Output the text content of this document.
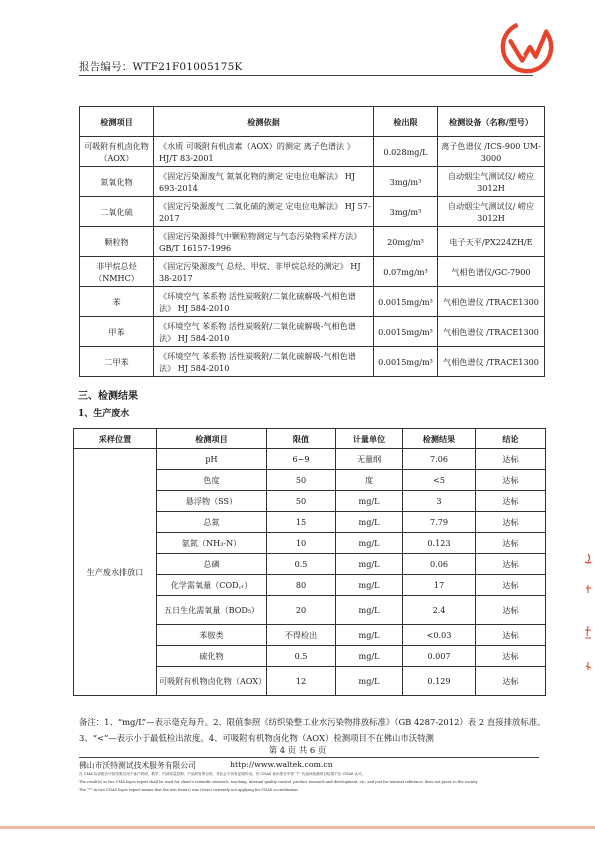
报告编号：WTF21F01005175K
检测项目	检测依据	检出限	检测设备（名称/型号）
可吸附有机卤化物（AOX）	《水质 可吸附有机卤素（AOX）的测定 离子色谱法 》 HJ/T 83-2001	0.028mg/L	离子色谱仪 /ICS-900 UM-3000
氮氧化物	《固定污染源废气 氮氧化物的测定 定电位电解法》 HJ 693-2014	3mg/m³	自动烟尘气测试仪/ 崂应 3012H
二氧化硫	《固定污染源废气 二氧化硫的测定 定电位电解法》 HJ 57-2017	3mg/m³	自动烟尘气测试仪/ 崂应 3012H
颗粒物	《固定污染源排气中颗粒物测定与气态污染物采样方法》 GB/T 16157-1996	20mg/m³	电子天平/PX224ZH/E
非甲烷总烃（NMHC）	《固定污染源废气 总烃、甲烷、非甲烷总烃的测定》 HJ 38-2017	0.07mg/m³	气相色谱仪/GC-7900
苯	《环境空气 苯系物 活性炭吸附/二氧化硫解吸-气相色谱法》 HJ 584-2010	0.0015mg/m³	气相色谱仪 /TRACE1300
甲苯	《环境空气 苯系物 活性炭吸附/二氧化硫解吸-气相色谱法》 HJ 584-2010	0.0015mg/m³	气相色谱仪 /TRACE1300
二甲苯	《环境空气 苯系物 活性炭吸附/二氧化硫解吸-气相色谱法》 HJ 584-2010	0.0015mg/m³	气相色谱仪 /TRACE1300
三、检测结果
1、生产废水
采样位置	检测项目	限值	计量单位	检测结果	结论
生产废水排放口	pH	6~9	无量纲	7.06	达标
	色度	50	度	<5	达标
	悬浮物（SS）	50	mg/L	3	达标
	总氮	15	mg/L	7.79	达标
	氨氮（NH₃-N）	10	mg/L	0.123	达标
	总磷	0.5	mg/L	0.06	达标
	化学需氧量（COD꜀ᵣ）	80	mg/L	17	达标
	五日生化需氧量（BOD₅）	20	mg/L	2.4	达标
	苯胺类	不得检出	mg/L	<0.03	达标
	硫化物	0.5	mg/L	0.007	达标
	可吸附有机物卤化物（AOX）	12	mg/L	0.129	达标
备注：1、“mg/L”—表示毫克每升。2、限值参照《纺织染整工业水污染物排放标准》（GB 4287-2012）表 2 直接排放标准。3、“<”—表示小于最低检出浓度。4、可吸附有机物卤化物（AOX）检测项目不在佛山市沃特测
第 4 页 共 6 页
佛山市沃特测试技术服务有限公司	http://www.waltek.com.cn
在 CMA 标识报告中检结果仅用于客户科研、教学、内部质量控制、产品研发等目的，对社会不具有证明作用。有 CNAS 标识报告中带 “*” 代表该检测项目结果不在 CNAS 认可。
The result(s) in two CMA logos report shall be used for client's scientific research, teaching, internal quality control, product research and development, etc, and just for internal reference, does not prove to the society.
The “*” in two CNAS logos report means that the test item(s) was (were) currently not applying for CNAS accreditation.
